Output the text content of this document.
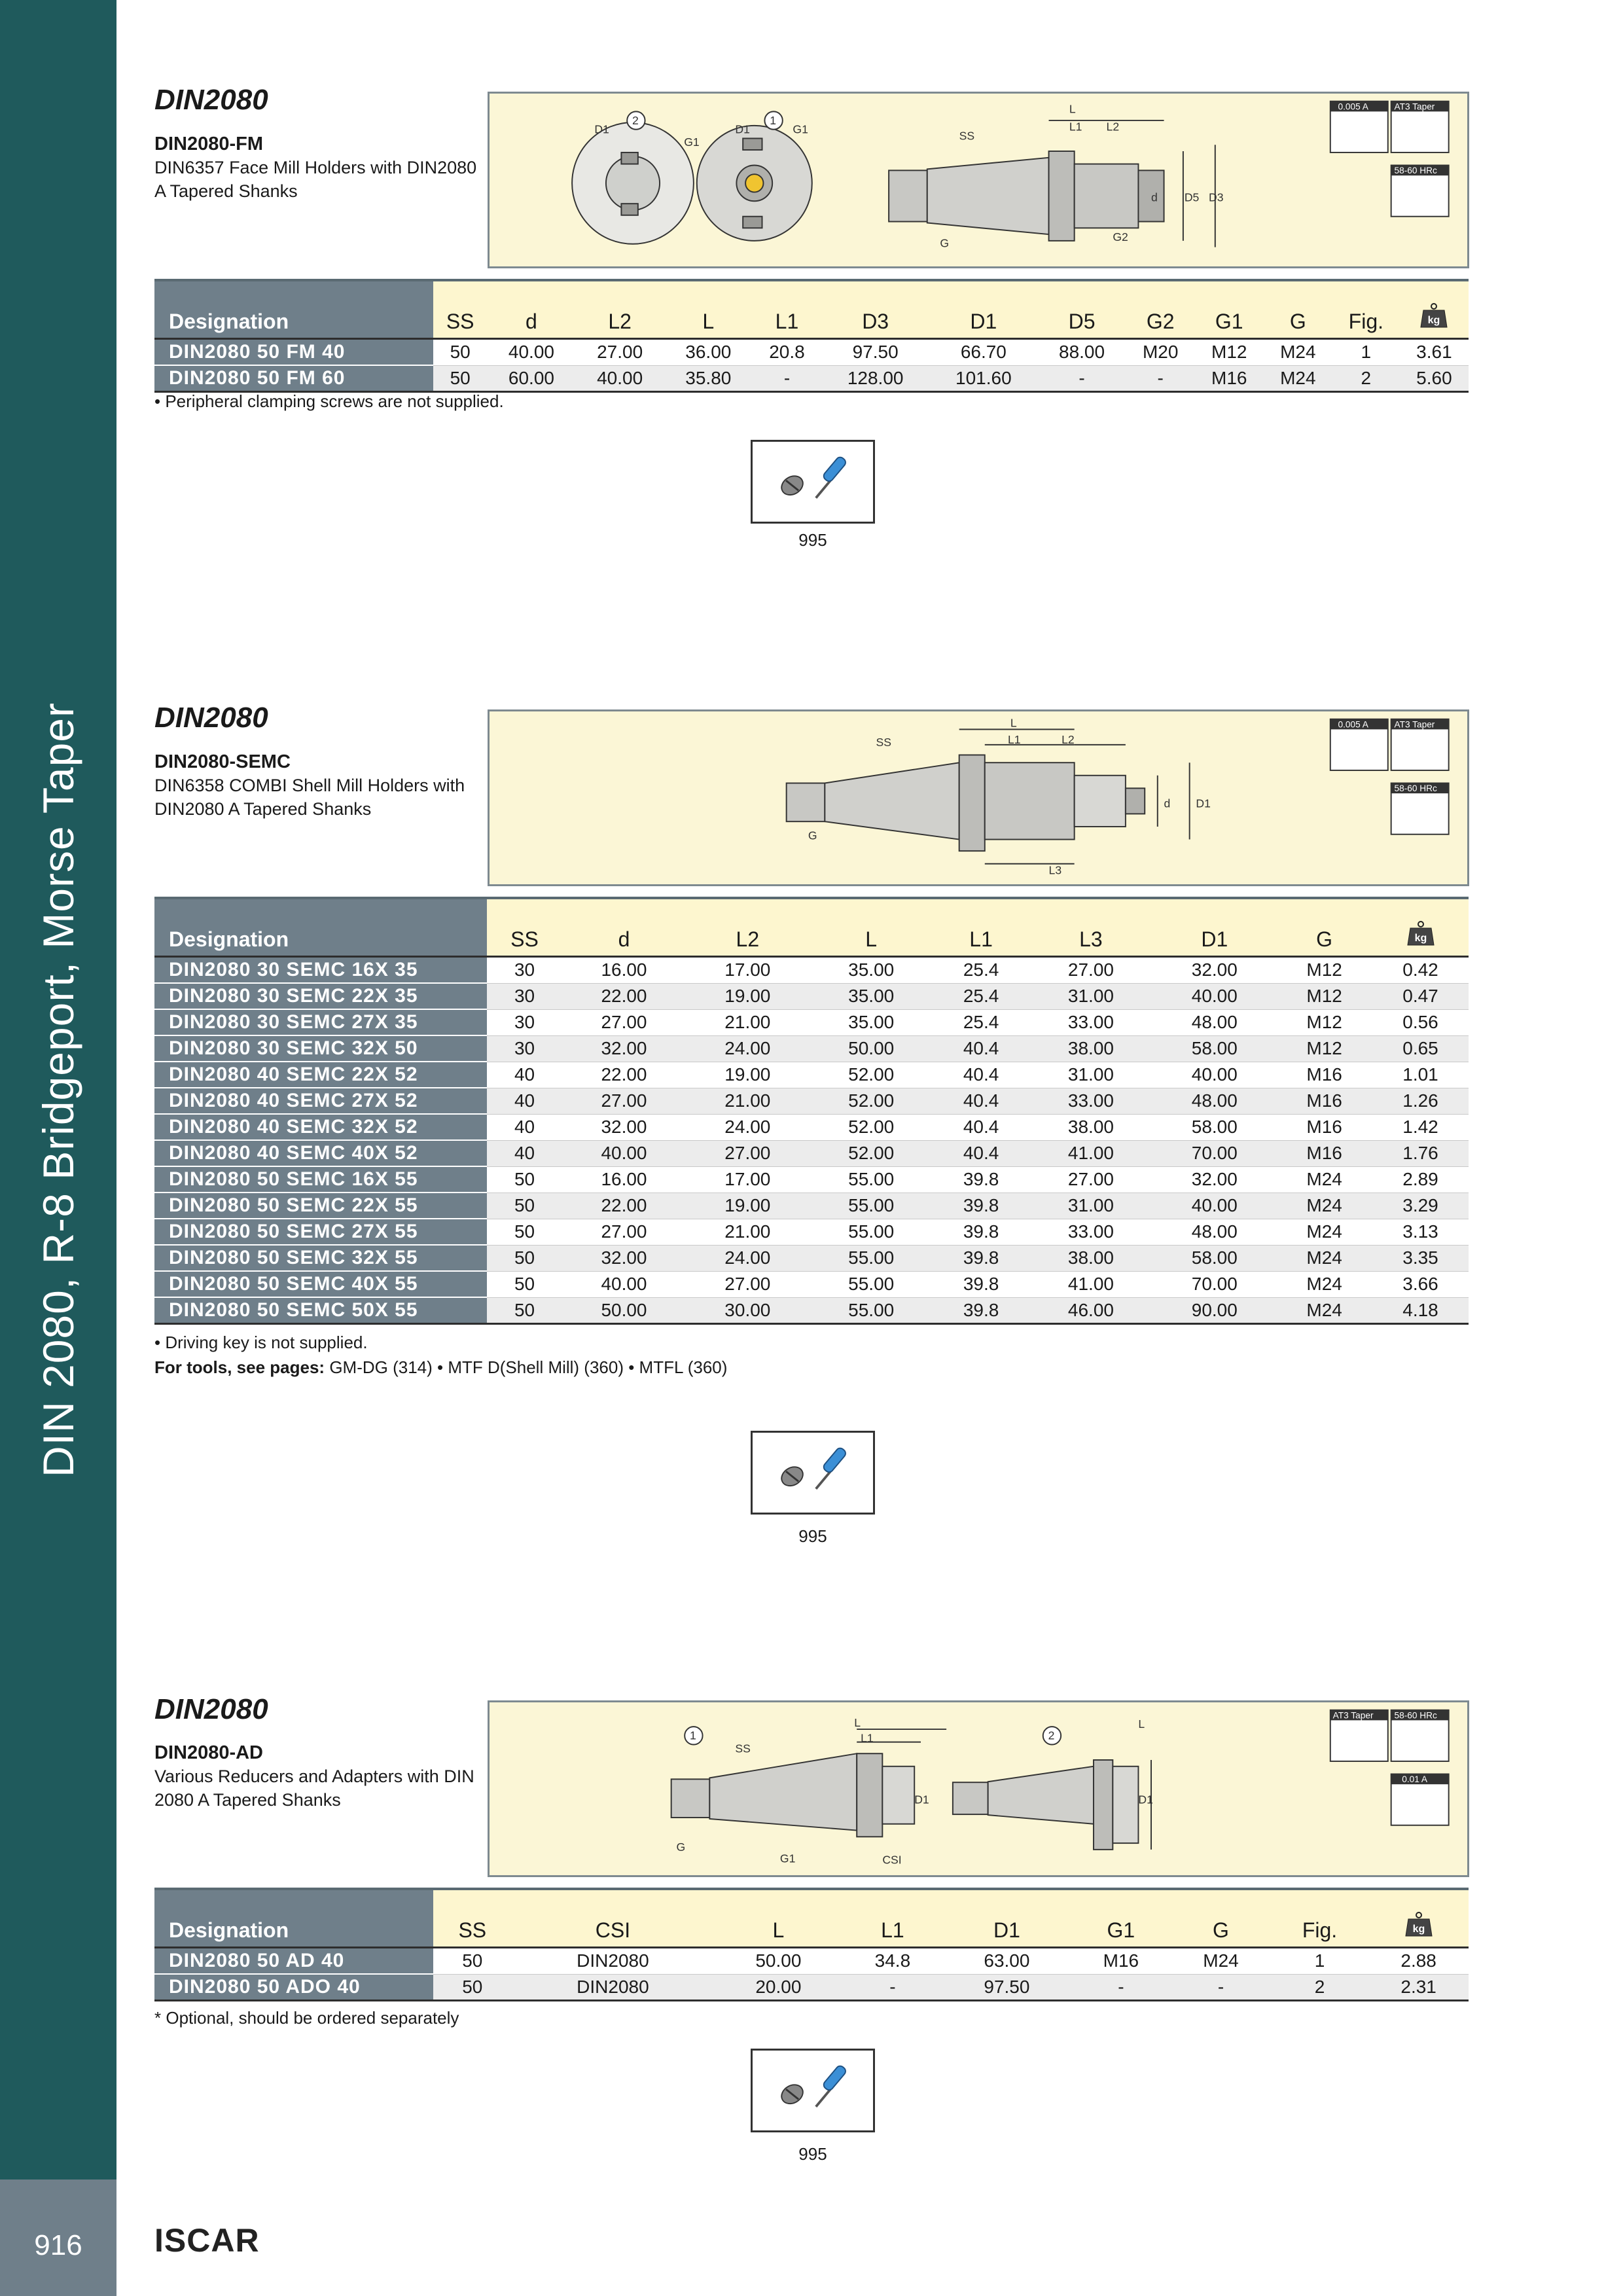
DIN 2080, R-8 Bridgeport, Morse Taper
916	ISCAR
DIN2080
DIN2080-FM
DIN6357 Face Mill Holders with DIN2080 A Tapered Shanks
2	1
D1
G1
D1	G1	SS
L
L1 L2
d D5 D3
G	G2
0.005 A	AT3 Taper
58-60 HRc
Designation	SS	d	L2	L	L1	D3	D1	D5	G2	G1	G	Fig.	kg

DIN2080 50 FM 40	50	40.00	27.00	36.00	20.8	97.50	66.70	88.00	M20	M12	M24	1	3.61
DIN2080 50 FM 60	50	60.00	40.00	35.80	-	128.00	101.60	-	-	M16	M24	2	5.60
• Peripheral clamping screws are not supplied.
995
DIN2080
DIN2080-SEMC
DIN6358 COMBI Shell Mill Holders with DIN2080 A Tapered Shanks
SS
L
L1	L2
d D1
G
L3
0.005 A	AT3 Taper
58-60 HRc
Designation	SS	d	L2	L	L1	L3	D1	G	kg

DIN2080 30 SEMC 16X 35	30	16.00	17.00	35.00	25.4	27.00	32.00	M12	0.42
DIN2080 30 SEMC 22X 35	30	22.00	19.00	35.00	25.4	31.00	40.00	M12	0.47
DIN2080 30 SEMC 27X 35	30	27.00	21.00	35.00	25.4	33.00	48.00	M12	0.56
DIN2080 30 SEMC 32X 50	30	32.00	24.00	50.00	40.4	38.00	58.00	M12	0.65
DIN2080 40 SEMC 22X 52	40	22.00	19.00	52.00	40.4	31.00	40.00	M16	1.01
DIN2080 40 SEMC 27X 52	40	27.00	21.00	52.00	40.4	33.00	48.00	M16	1.26
DIN2080 40 SEMC 32X 52	40	32.00	24.00	52.00	40.4	38.00	58.00	M16	1.42
DIN2080 40 SEMC 40X 52	40	40.00	27.00	52.00	40.4	41.00	70.00	M16	1.76
DIN2080 50 SEMC 16X 55	50	16.00	17.00	55.00	39.8	27.00	32.00	M24	2.89
DIN2080 50 SEMC 22X 55	50	22.00	19.00	55.00	39.8	31.00	40.00	M24	3.29
DIN2080 50 SEMC 27X 55	50	27.00	21.00	55.00	39.8	33.00	48.00	M24	3.13
DIN2080 50 SEMC 32X 55	50	32.00	24.00	55.00	39.8	38.00	58.00	M24	3.35
DIN2080 50 SEMC 40X 55	50	40.00	27.00	55.00	39.8	41.00	70.00	M24	3.66
DIN2080 50 SEMC 50X 55	50	50.00	30.00	55.00	39.8	46.00	90.00	M24	4.18
• Driving key is not supplied.
For tools, see pages: GM-DG (314) • MTF D(Shell Mill) (360) • MTFL (360)
995
DIN2080
DIN2080-AD
Various Reducers and Adapters with DIN 2080 A Tapered Shanks
1	2
SS
L
L1
L
D1	D1
G
G1	CSI
AT3 Taper 58-60 HRc
0.01 A
Designation	SS	CSI	L	L1	D1	G1	G	Fig.	kg

DIN2080 50 AD 40	50	DIN2080	50.00	34.8	63.00	M16	M24	1	2.88
DIN2080 50 ADO 40	50	DIN2080	20.00	-	97.50	-	-	2	2.31
* Optional, should be ordered separately
995
